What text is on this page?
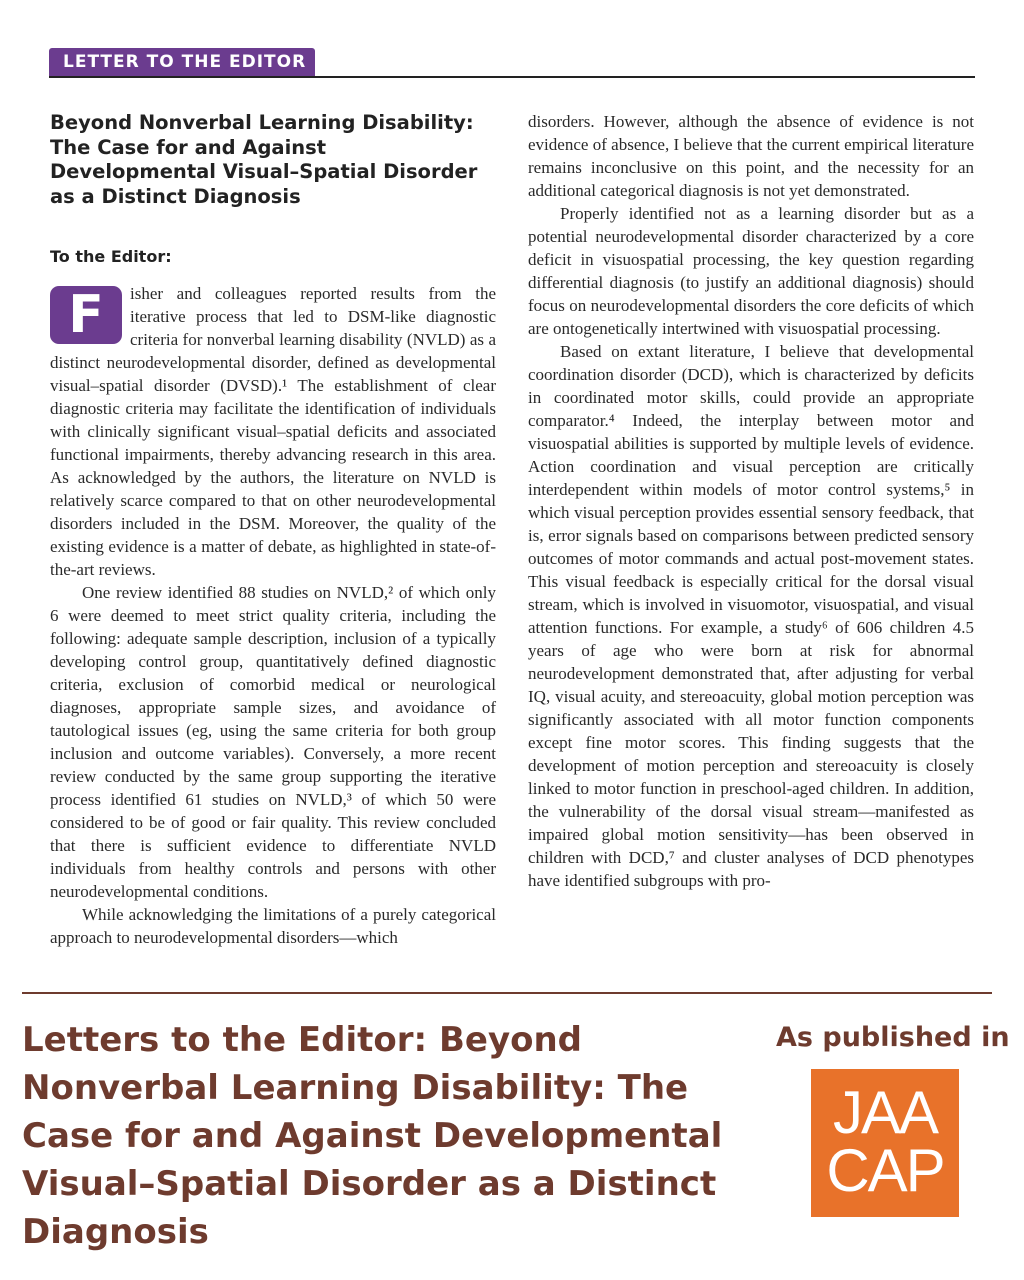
LETTER TO THE EDITOR
Beyond Nonverbal Learning Disability: The Case for and Against Developmental Visual–Spatial Disorder as a Distinct Diagnosis
To the Editor:

F	isher and colleagues reported results from the iterative process that led to DSM-like diagnostic criteria for nonverbal learning disability (NVLD) as a distinct neurodevelopmental disorder, defined as developmental visual–spatial disorder (DVSD).¹ The establishment of clear diagnostic criteria may facilitate the identification of individuals with clinically significant visual–spatial deficits and associated functional impairments, thereby advancing research in this area. As acknowledged by the authors, the literature on NVLD is relatively scarce compared to that on other neurodevelopmental disorders included in the DSM. Moreover, the quality of the existing evidence is a matter of debate, as highlighted in state-of-the-art reviews.

One review identified 88 studies on NVLD,² of which only 6 were deemed to meet strict quality criteria, including the following: adequate sample description, inclusion of a typically developing control group, quantitatively defined diagnostic criteria, exclusion of comorbid medical or neurological diagnoses, appropriate sample sizes, and avoidance of tautological issues (eg, using the same criteria for both group inclusion and outcome variables). Conversely, a more recent review conducted by the same group supporting the iterative process identified 61 studies on NVLD,³ of which 50 were considered to be of good or fair quality. This review concluded that there is sufficient evidence to differentiate NVLD individuals from healthy controls and persons with other neurodevelopmental conditions.

While acknowledging the limitations of a purely categorical approach to neurodevelopmental disorders—which

disorders. However, although the absence of evidence is not evidence of absence, I believe that the current empirical literature remains inconclusive on this point, and the necessity for an additional categorical diagnosis is not yet demonstrated.

Properly identified not as a learning disorder but as a potential neurodevelopmental disorder characterized by a core deficit in visuospatial processing, the key question regarding differential diagnosis (to justify an additional diagnosis) should focus on neurodevelopmental disorders the core deficits of which are ontogenetically intertwined with visuospatial processing.

Based on extant literature, I believe that developmental coordination disorder (DCD), which is characterized by deficits in coordinated motor skills, could provide an appropriate comparator.⁴ Indeed, the interplay between motor and visuospatial abilities is supported by multiple levels of evidence. Action coordination and visual perception are critically interdependent within models of motor control systems,⁵ in which visual perception provides essential sensory feedback, that is, error signals based on comparisons between predicted sensory outcomes of motor commands and actual post-movement states. This visual feedback is especially critical for the dorsal visual stream, which is involved in visuomotor, visuospatial, and visual attention functions. For example, a study⁶ of 606 children 4.5 years of age who were born at risk for abnormal neurodevelopment demonstrated that, after adjusting for verbal IQ, visual acuity, and stereoacuity, global motion perception was significantly associated with all motor function components except fine motor scores. This finding suggests that the development of motion perception and stereoacuity is closely linked to motor function in preschool-aged children. In addition, the vulnerability of the dorsal visual stream—manifested as impaired global motion sensitivity—has been observed in children with DCD,⁷ and cluster analyses of DCD phenotypes have identified subgroups with pro-

Letters to the Editor: Beyond Nonverbal Learning Disability: The Case for and Against Developmental Visual–Spatial Disorder as a Distinct Diagnosis
As published in
JAA
CAP
